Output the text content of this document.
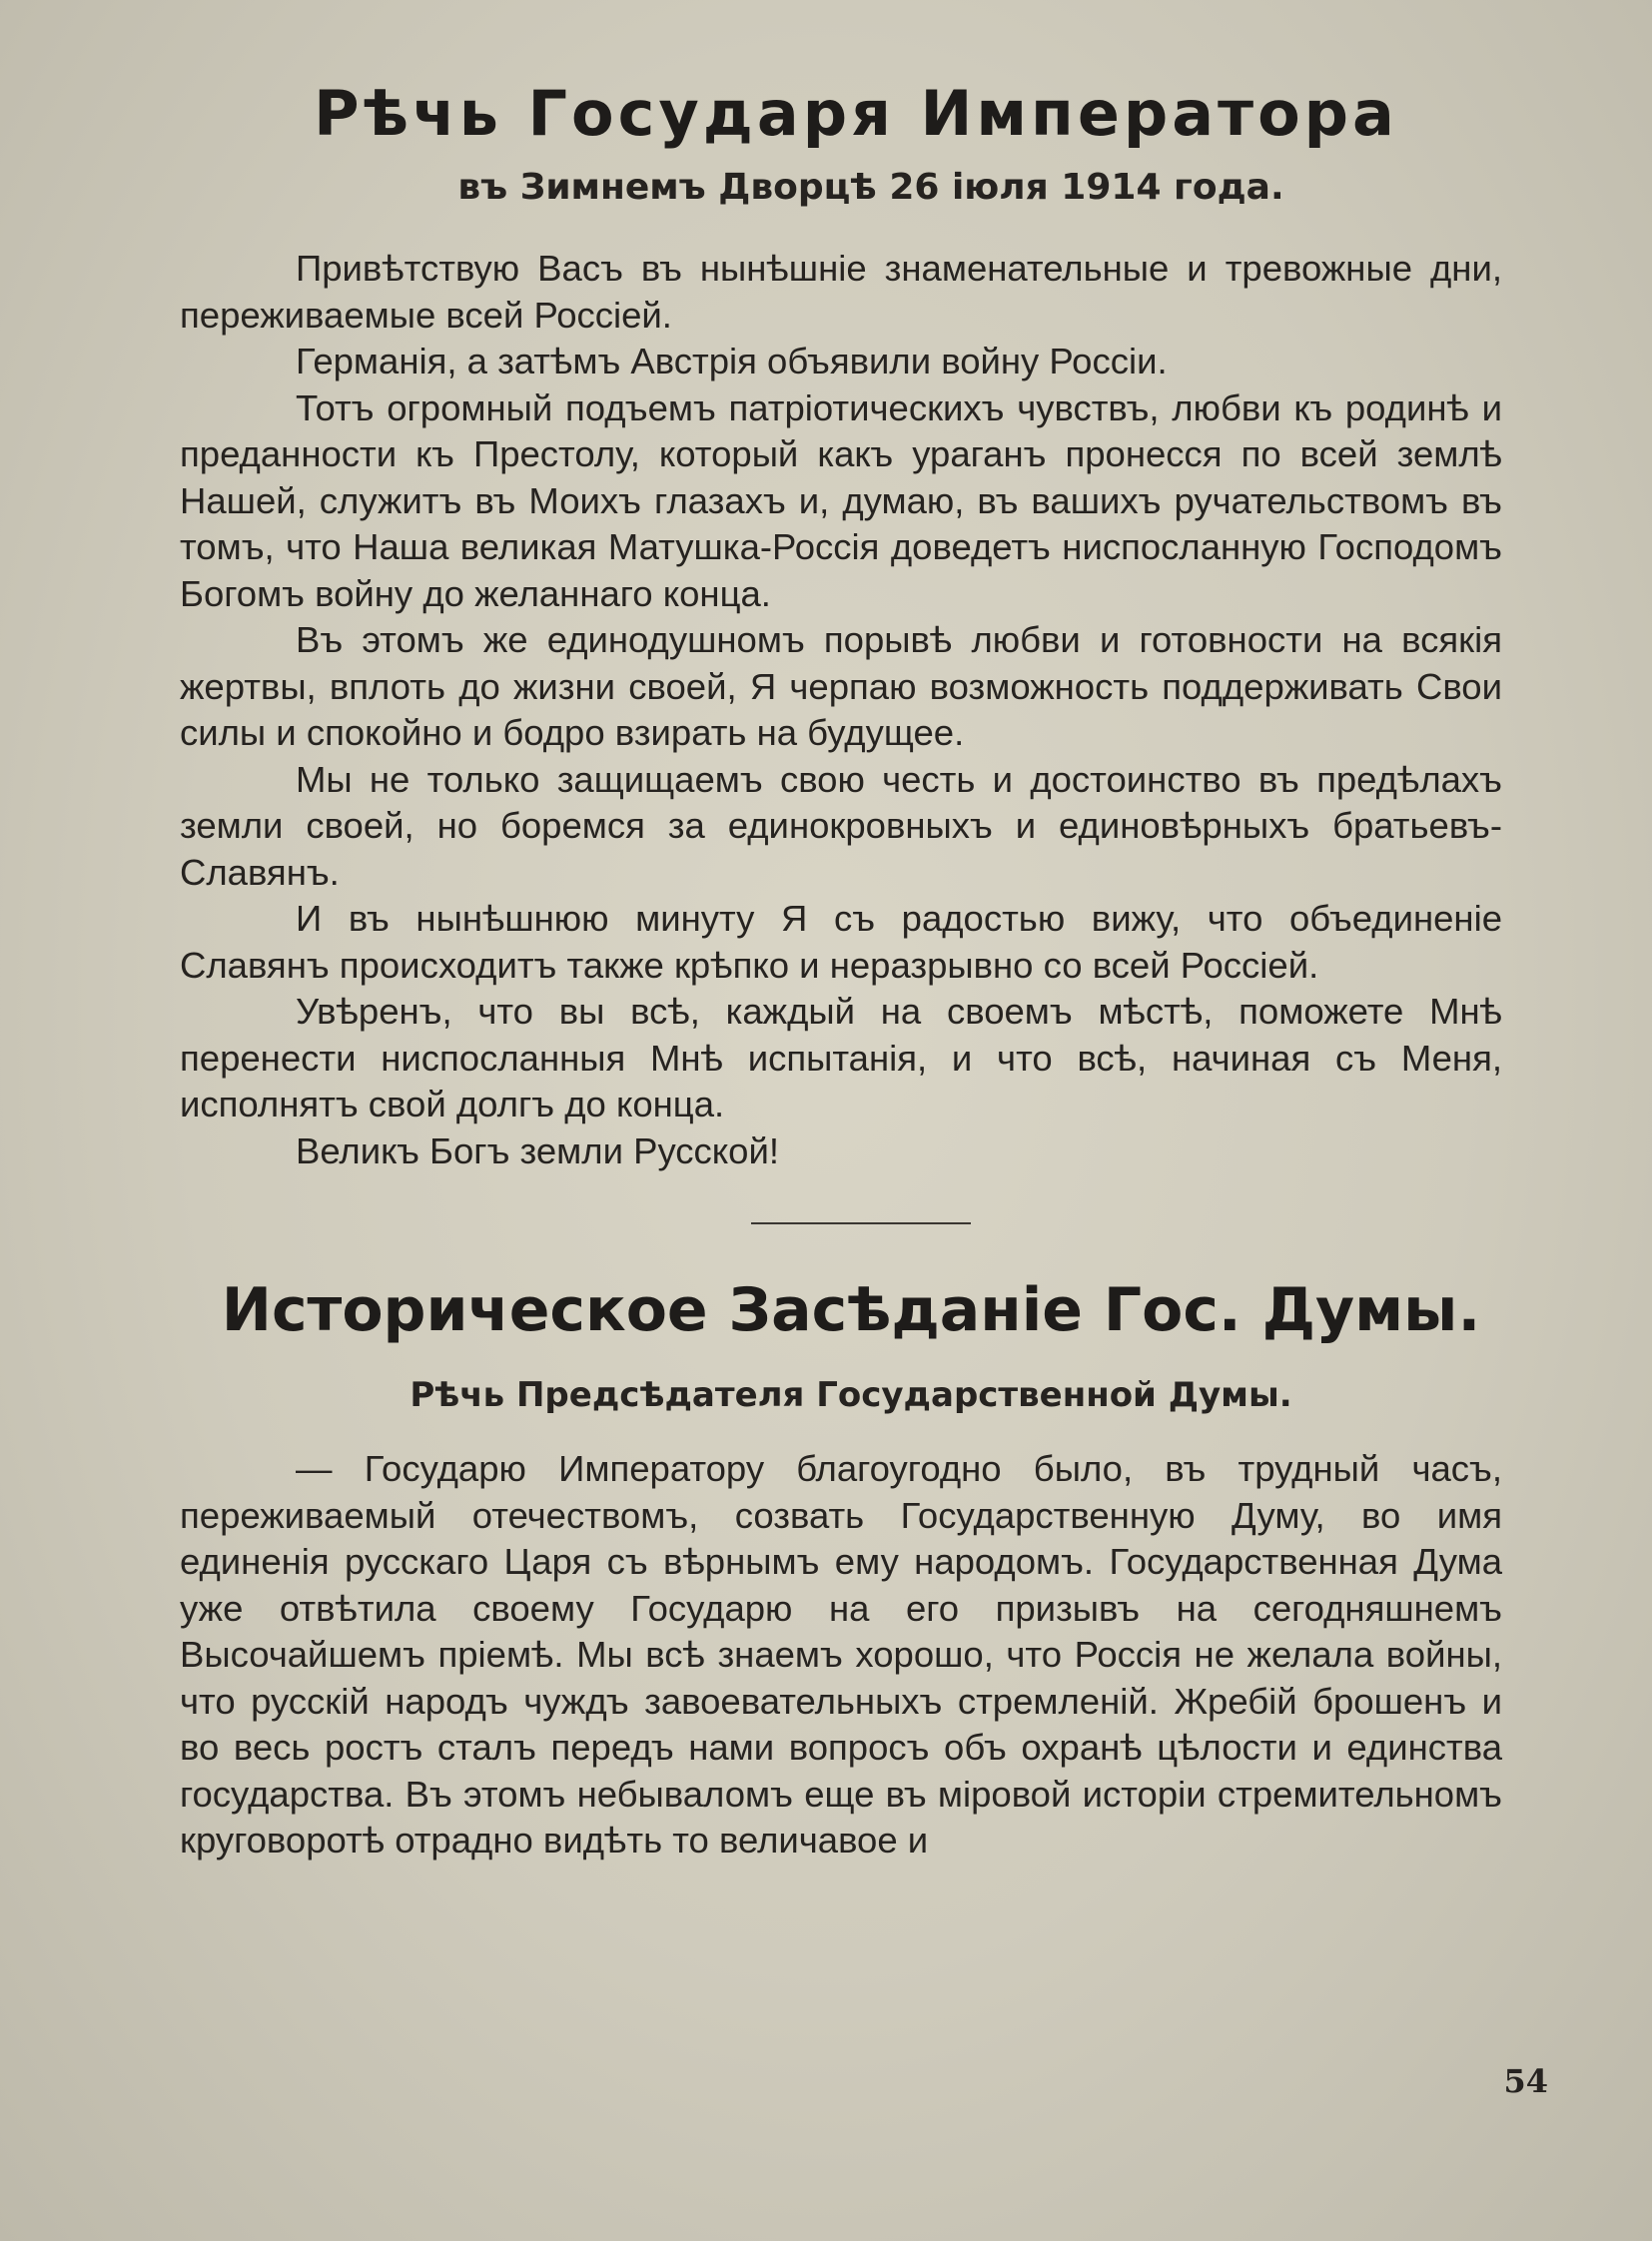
Рѣчь Государя Императора
въ Зимнемъ Дворцѣ 26 іюля 1914 года.

Привѣтствую Васъ въ нынѣшніе знаменательные и тревожные дни, переживаемые всей Россіей.

Германія, а затѣмъ Австрія объявили войну Россіи.

Тотъ огромный подъемъ патріотическихъ чувствъ, любви къ родинѣ и преданности къ Престолу, который какъ ураганъ пронесся по всей землѣ Нашей, служитъ въ Моихъ глазахъ и, думаю, въ вашихъ ручательствомъ въ томъ, что Наша великая Матушка-Россія доведетъ ниспосланную Господомъ Богомъ войну до желаннаго конца.

Въ этомъ же единодушномъ порывѣ любви и готовности на всякія жертвы, вплоть до жизни своей, Я черпаю возможность поддерживать Свои силы и спокойно и бодро взирать на будущее.

Мы не только защищаемъ свою честь и достоинство въ предѣлахъ земли своей, но боремся за единокровныхъ и единовѣрныхъ братьевъ-Славянъ.

И въ нынѣшнюю минуту Я съ радостью вижу, что объединеніе Славянъ происходитъ также крѣпко и неразрывно со всей Россіей.

Увѣренъ, что вы всѣ, каждый на своемъ мѣстѣ, поможете Мнѣ перенести ниспосланныя Мнѣ испытанія, и что всѣ, начиная съ Меня, исполнятъ свой долгъ до конца.

Великъ Богъ земли Русской!

Историческое Засѣданіе Гос. Думы.
Рѣчь Предсѣдателя Государственной Думы.

— Государю Императору благоугодно было, въ трудный часъ, переживаемый отечествомъ, созвать Государственную Думу, во имя единенія русскаго Царя съ вѣрнымъ ему народомъ. Государственная Дума уже отвѣтила своему Государю на его призывъ на сегодняшнемъ Высочайшемъ пріемѣ. Мы всѣ знаемъ хорошо, что Россія не желала войны, что русскій народъ чуждъ завоевательныхъ стремленій. Жребій брошенъ и во весь ростъ сталъ передъ нами вопросъ объ охранѣ цѣлости и единства государства. Въ этомъ небываломъ еще въ міровой исторіи стремительномъ круговоротѣ отрадно видѣть то величавое и

54
